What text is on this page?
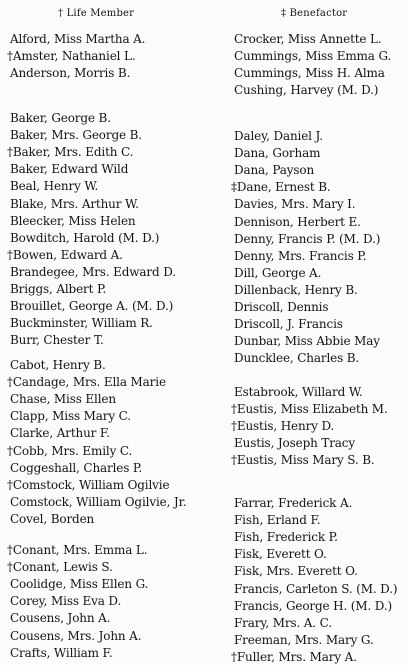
† Life Member	‡ Benefactor
Alford, Miss Martha A.
†Amster, Nathaniel L.
Anderson, Morris B.
Baker, George B.
Baker, Mrs. George B.
†Baker, Mrs. Edith C.
Baker, Edward Wild
Beal, Henry W.
Blake, Mrs. Arthur W.
Bleecker, Miss Helen
Bowditch, Harold (M. D.)
†Bowen, Edward A.
Brandegee, Mrs. Edward D.
Briggs, Albert P.
Brouillet, George A. (M. D.)
Buckminster, William R.
Burr, Chester T.
Cabot, Henry B.
†Candage, Mrs. Ella Marie
Chase, Miss Ellen
Clapp, Miss Mary C.
Clarke, Arthur F.
†Cobb, Mrs. Emily C.
Coggeshall, Charles P.
†Comstock, William Ogilvie
Comstock, William Ogilvie, Jr.
Covel, Borden
†Conant, Mrs. Emma L.
†Conant, Lewis S.
Coolidge, Miss Ellen G.
Corey, Miss Eva D.
Cousens, John A.
Cousens, Mrs. John A.
Crafts, William F.
Crocker, Miss Annette L.
Cummings, Miss Emma G.
Cummings, Miss H. Alma
Cushing, Harvey (M. D.)
Daley, Daniel J.
Dana, Gorham
Dana, Payson
‡Dane, Ernest B.
Davies, Mrs. Mary I.
Dennison, Herbert E.
Denny, Francis P. (M. D.)
Denny, Mrs. Francis P.
Dill, George A.
Dillenback, Henry B.
Driscoll, Dennis
Driscoll, J. Francis
Dunbar, Miss Abbie May
Duncklee, Charles B.
Estabrook, Willard W.
†Eustis, Miss Elizabeth M.
†Eustis, Henry D.
Eustis, Joseph Tracy
†Eustis, Miss Mary S. B.
Farrar, Frederick A.
Fish, Erland F.
Fish, Frederick P.
Fisk, Everett O.
Fisk, Mrs. Everett O.
Francis, Carleton S. (M. D.)
Francis, George H. (M. D.)
Frary, Mrs. A. C.
Freeman, Mrs. Mary G.
†Fuller, Mrs. Mary A.
